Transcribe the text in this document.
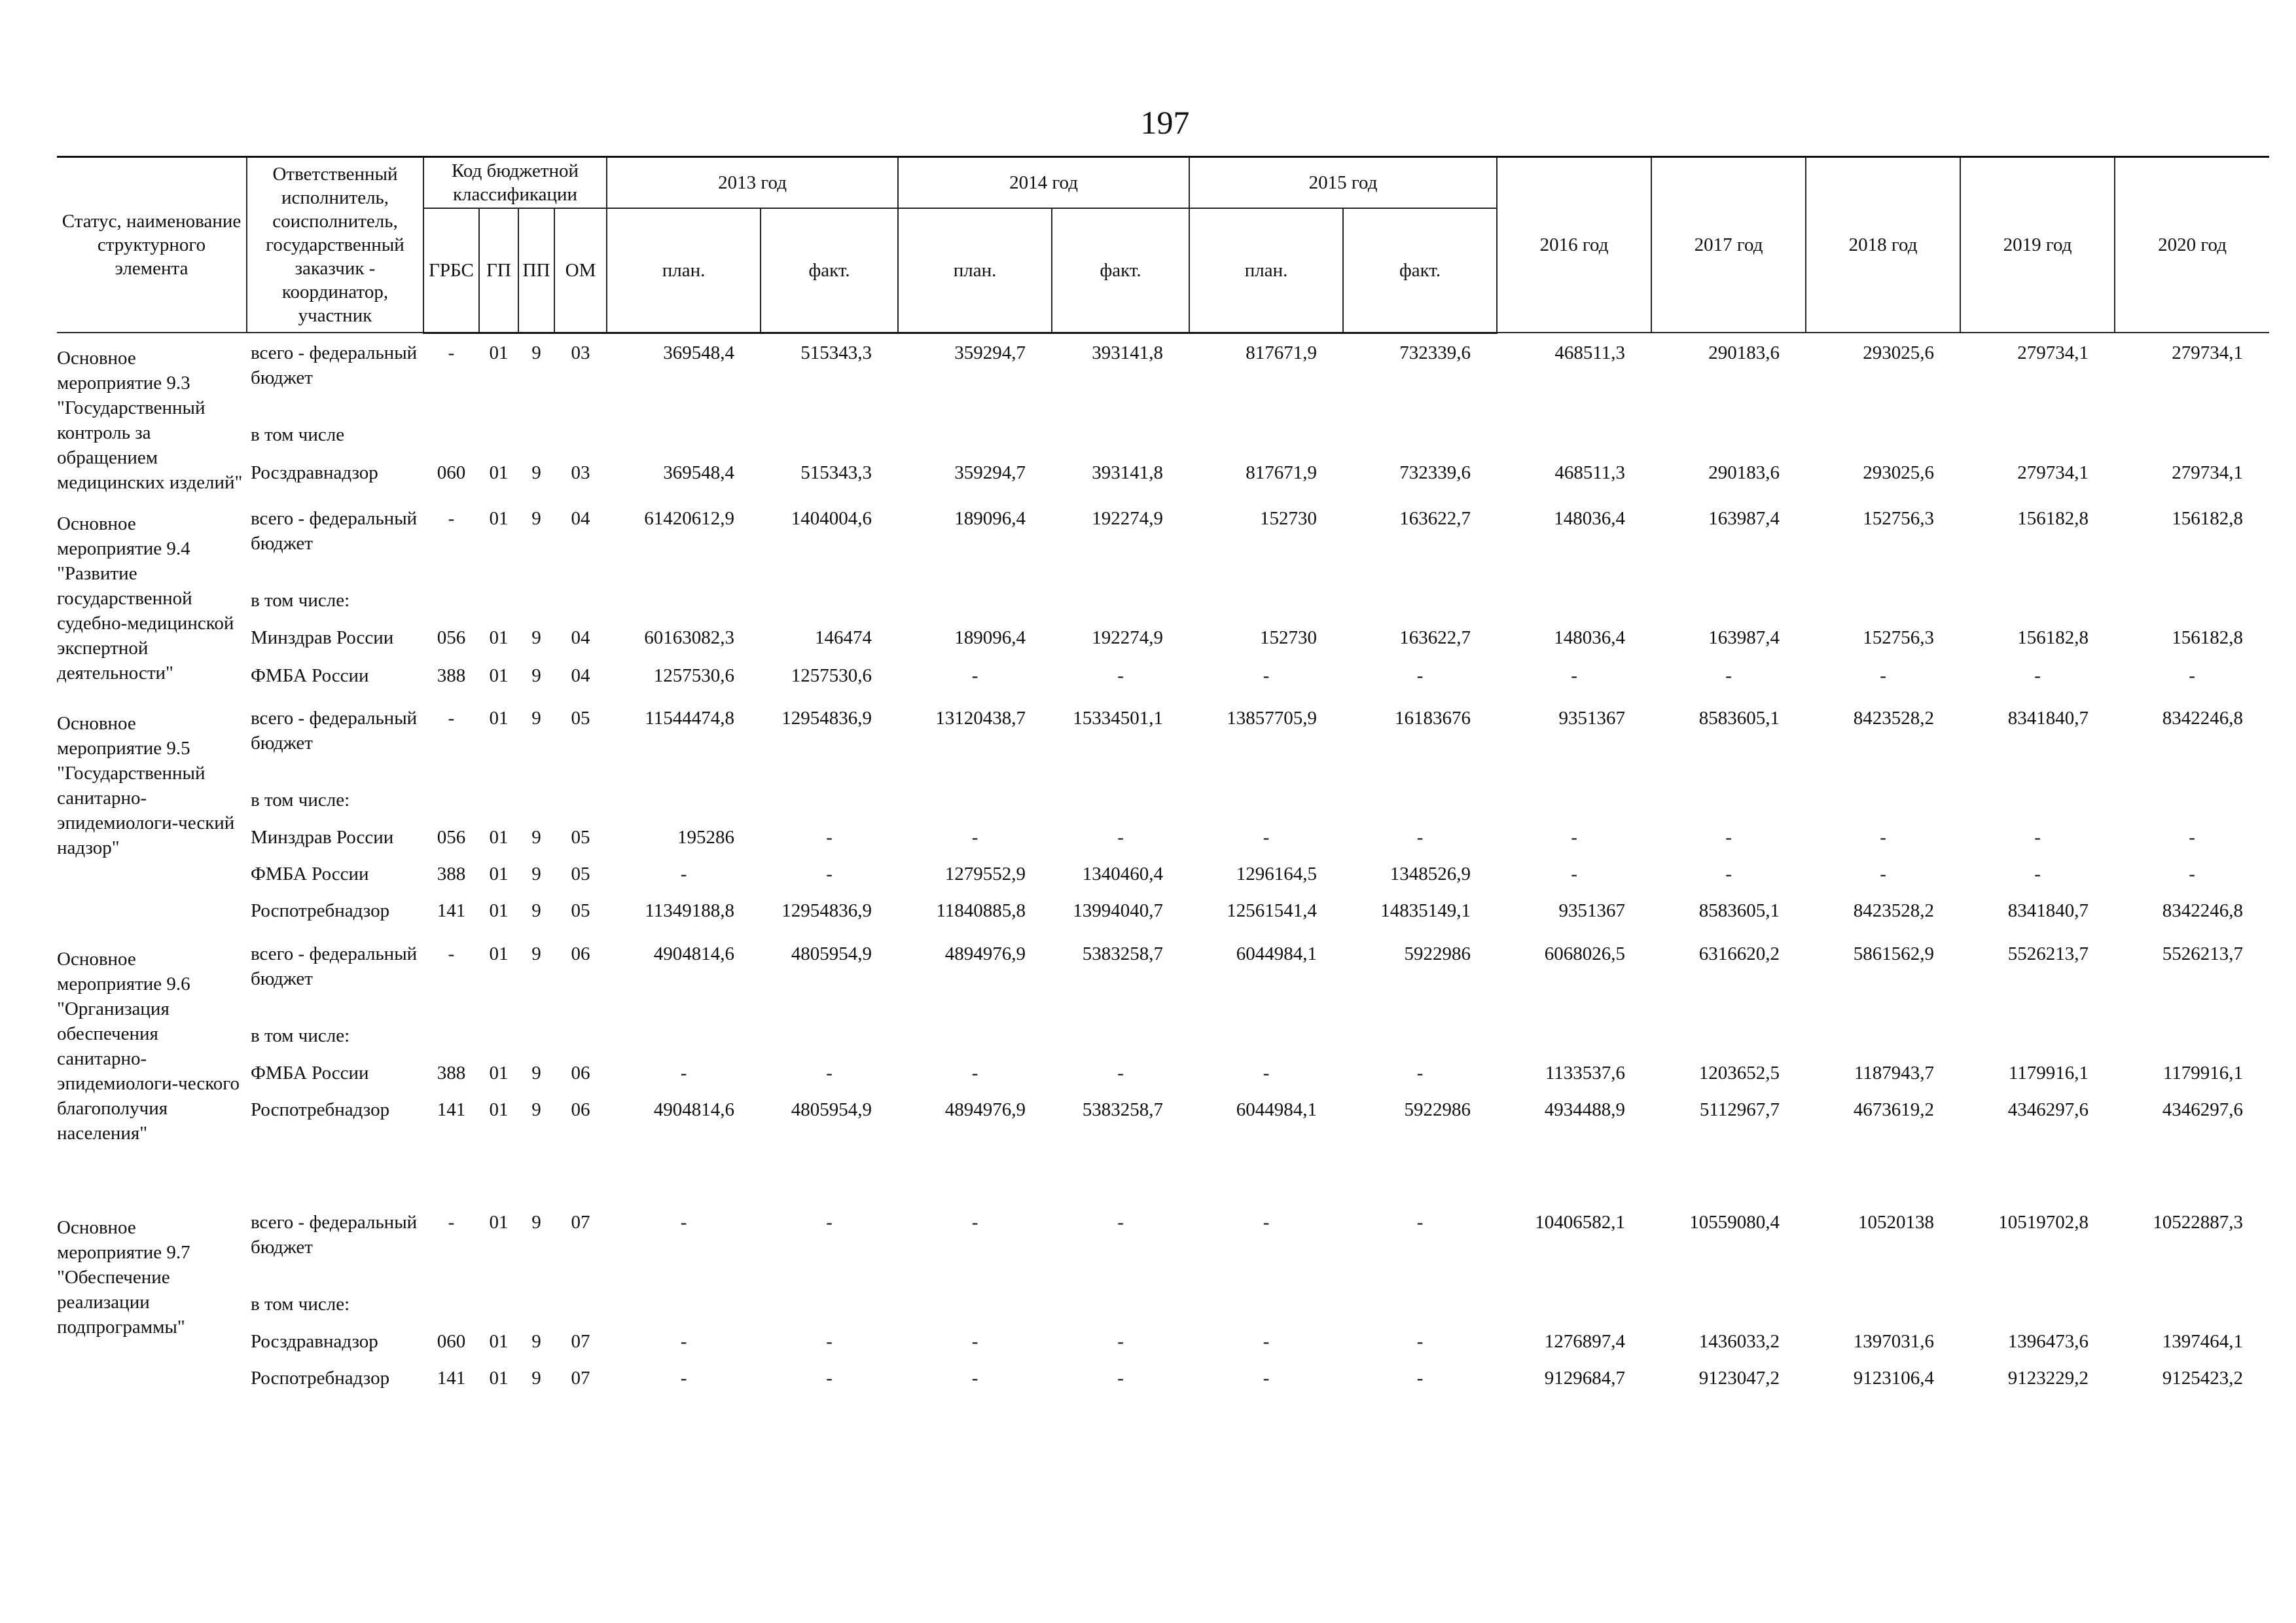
197
Статус, наименование структурного элемента	Ответственный исполнитель, соисполнитель, государственный заказчик - координатор, участник	Код бюджетной классификации				2013 год		2014 год		2015 год		2016 год	2017 год	2018 год	2019 год	2020 год
		ГРБС	ГП	ПП	ОМ	план.	факт.	план.	факт.	план.	факт.					

Основное мероприятие 9.3 "Государственный контроль за обращением медицинских изделий"	всего - федеральный бюджет	-	01	9	03	369548,4	515343,3	359294,7	393141,8	817671,9	732339,6	468511,3	290183,6	293025,6	279734,1	279734,1
	в том числе															
	Росздравнадзор	060	01	9	03	369548,4	515343,3	359294,7	393141,8	817671,9	732339,6	468511,3	290183,6	293025,6	279734,1	279734,1

Основное мероприятие 9.4 "Развитие государственной судебно-медицинской экспертной деятельности"	всего - федеральный бюджет	-	01	9	04	61420612,9	1404004,6	189096,4	192274,9	152730	163622,7	148036,4	163987,4	152756,3	156182,8	156182,8
	в том числе:															
	Минздрав России	056	01	9	04	60163082,3	146474	189096,4	192274,9	152730	163622,7	148036,4	163987,4	152756,3	156182,8	156182,8
	ФМБА России	388	01	9	04	1257530,6	1257530,6	-	-	-	-	-	-	-	-	-

Основное мероприятие 9.5 "Государственный санитарно-эпидемиологи-ческий надзор"	всего - федеральный бюджет	-	01	9	05	11544474,8	12954836,9	13120438,7	15334501,1	13857705,9	16183676	9351367	8583605,1	8423528,2	8341840,7	8342246,8
	в том числе:															
	Минздрав России	056	01	9	05	195286	-	-	-	-	-	-	-	-	-	-
	ФМБА России	388	01	9	05	-	-	1279552,9	1340460,4	1296164,5	1348526,9	-	-	-	-	-
	Роспотребнадзор	141	01	9	05	11349188,8	12954836,9	11840885,8	13994040,7	12561541,4	14835149,1	9351367	8583605,1	8423528,2	8341840,7	8342246,8

Основное мероприятие 9.6 "Организация обеспечения санитарно-эпидемиологи-ческого благополучия населения"	всего - федеральный бюджет	-	01	9	06	4904814,6	4805954,9	4894976,9	5383258,7	6044984,1	5922986	6068026,5	6316620,2	5861562,9	5526213,7	5526213,7
	в том числе:															
	ФМБА России	388	01	9	06	-	-	-	-	-	-	1133537,6	1203652,5	1187943,7	1179916,1	1179916,1
	Роспотребнадзор	141	01	9	06	4904814,6	4805954,9	4894976,9	5383258,7	6044984,1	5922986	4934488,9	5112967,7	4673619,2	4346297,6	4346297,6

Основное мероприятие 9.7 "Обеспечение реализации подпрограммы"	всего - федеральный бюджет	-	01	9	07	-	-	-	-	-	-	10406582,1	10559080,4	10520138	10519702,8	10522887,3
	в том числе:															
	Росздравнадзор	060	01	9	07	-	-	-	-	-	-	1276897,4	1436033,2	1397031,6	1396473,6	1397464,1
	Роспотребнадзор	141	01	9	07	-	-	-	-	-	-	9129684,7	9123047,2	9123106,4	9123229,2	9125423,2
